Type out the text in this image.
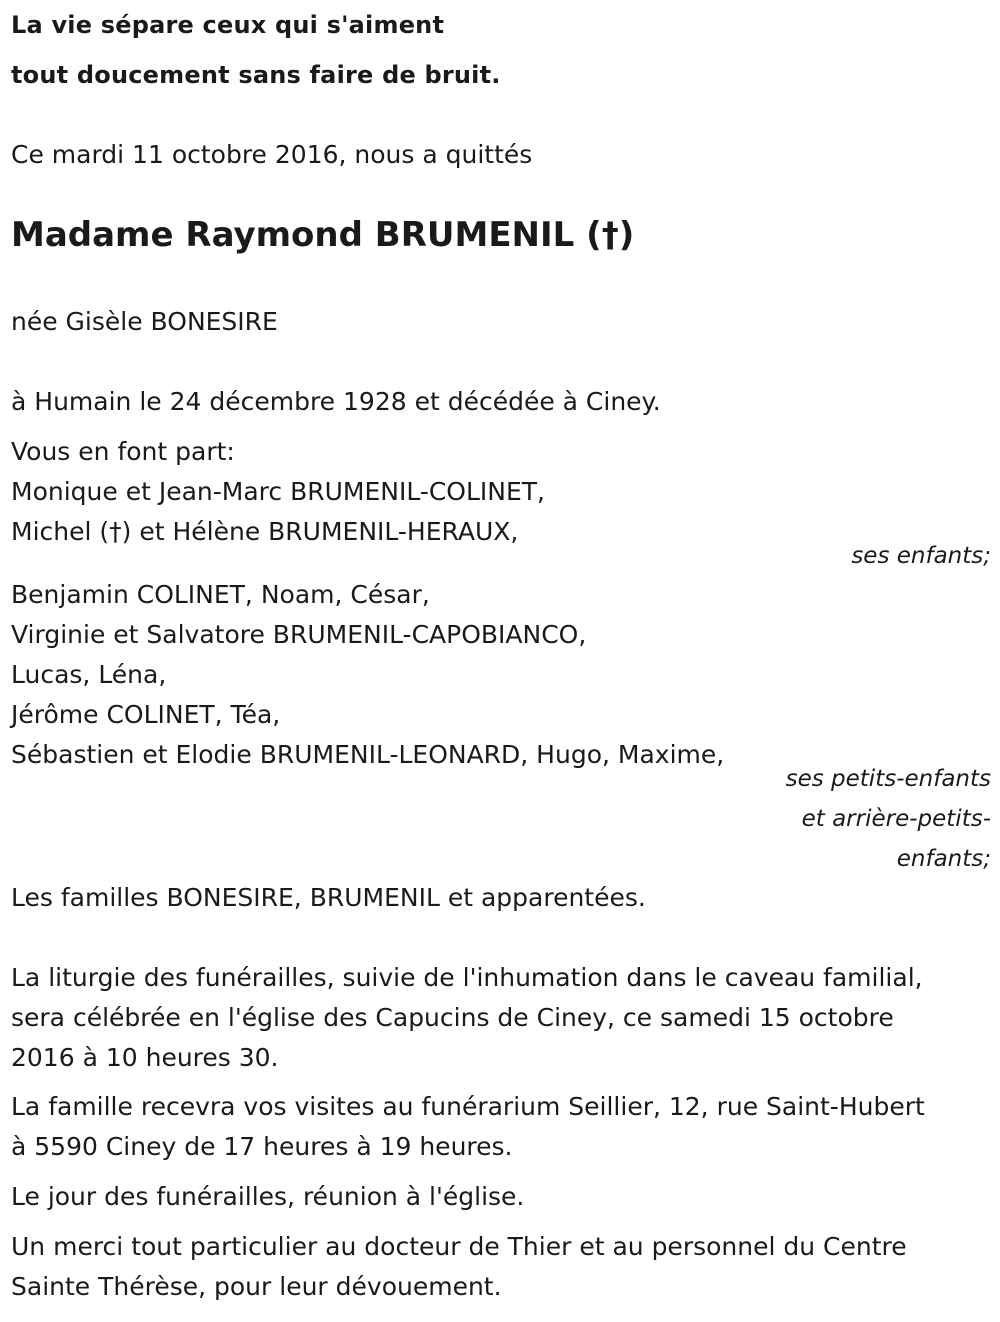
La vie sépare ceux qui s'aiment

tout doucement sans faire de bruit.

Ce mardi 11 octobre 2016, nous a quittés

Madame Raymond BRUMENIL (†)

née Gisèle BONESIRE

à Humain le 24 décembre 1928 et décédée à Ciney.

Vous en font part:

Monique et Jean-Marc BRUMENIL-COLINET,
Michel (†) et Hélène BRUMENIL-HERAUX,

ses enfants;

Benjamin COLINET, Noam, César,
Virginie et Salvatore BRUMENIL-CAPOBIANCO,
Lucas, Léna,
Jérôme COLINET, Téa,
Sébastien et Elodie BRUMENIL-LEONARD, Hugo, Maxime,

ses petits-enfants

et arrière-petits-

enfants;

Les familles BONESIRE, BRUMENIL et apparentées.

La liturgie des funérailles, suivie de l'inhumation dans le caveau familial,

sera célébrée en l'église des Capucins de Ciney, ce samedi 15 octobre

2016 à 10 heures 30.

La famille recevra vos visites au funérarium Seillier, 12, rue Saint-Hubert

à 5590 Ciney de 17 heures à 19 heures.

Le jour des funérailles, réunion à l'église.

Un merci tout particulier au docteur de Thier et au personnel du Centre

Sainte Thérèse, pour leur dévouement.
